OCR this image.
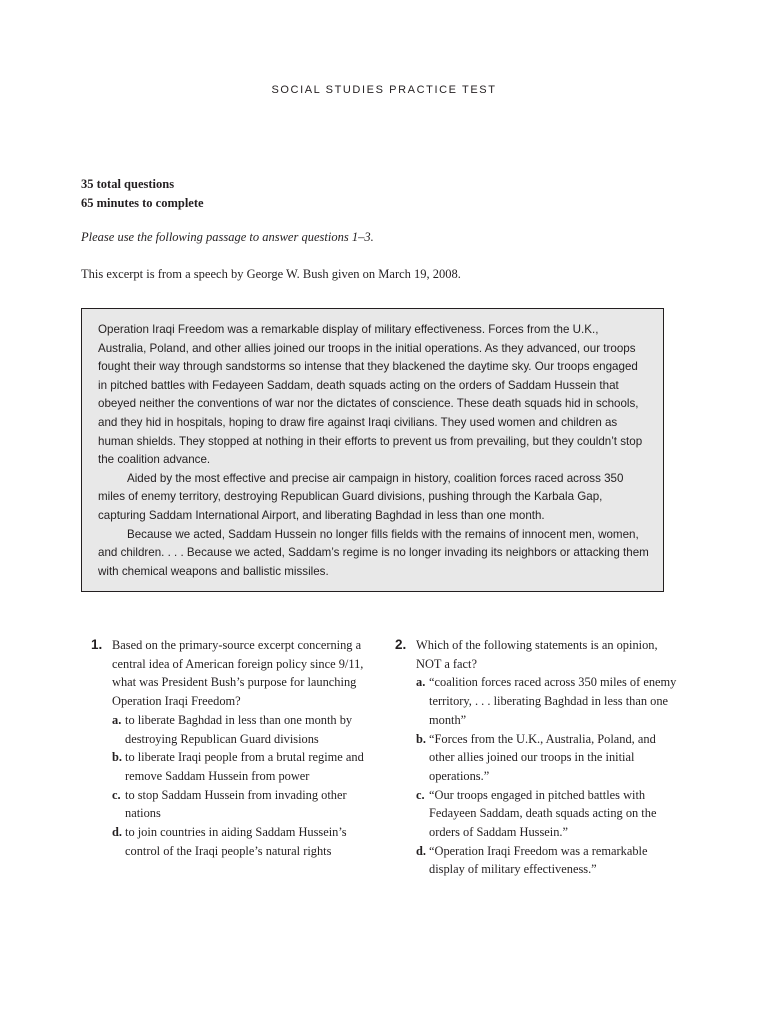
SOCIAL STUDIES PRACTICE TEST
35 total questions
65 minutes to complete
Please use the following passage to answer questions 1–3.
This excerpt is from a speech by George W. Bush given on March 19, 2008.

Operation Iraqi Freedom was a remarkable display of military effectiveness. Forces from the U.K., Australia, Poland, and other allies joined our troops in the initial operations. As they advanced, our troops fought their way through sandstorms so intense that they blackened the daytime sky. Our troops engaged in pitched battles with Fedayeen Saddam, death squads acting on the orders of Saddam Hussein that obeyed neither the conventions of war nor the dictates of conscience. These death squads hid in schools, and they hid in hospitals, hoping to draw fire against Iraqi civilians. They used women and children as human shields. They stopped at nothing in their efforts to prevent us from prevailing, but they couldn’t stop the coalition advance.

Aided by the most effective and precise air campaign in history, coalition forces raced across 350 miles of enemy territory, destroying Republican Guard divisions, pushing through the Karbala Gap, capturing Saddam International Airport, and liberating Baghdad in less than one month.

Because we acted, Saddam Hussein no longer fills fields with the remains of innocent men, women, and children. . . . Because we acted, Saddam’s regime is no longer invading its neighbors or attacking them with chemical weapons and ballistic missiles.

1. Based on the primary-source excerpt concerning a central idea of American foreign policy since 9/11, what was President Bush’s purpose for launching Operation Iraqi Freedom?
a. to liberate Baghdad in less than one month by destroying Republican Guard divisions
b. to liberate Iraqi people from a brutal regime and remove Saddam Hussein from power
c. to stop Saddam Hussein from invading other nations
d. to join countries in aiding Saddam Hussein’s control of the Iraqi people’s natural rights
2. Which of the following statements is an opinion, NOT a fact?
a. “coalition forces raced across 350 miles of enemy territory, . . . liberating Baghdad in less than one month”
b. “Forces from the U.K., Australia, Poland, and other allies joined our troops in the initial operations.”
c. “Our troops engaged in pitched battles with Fedayeen Saddam, death squads acting on the orders of Saddam Hussein.”
d. “Operation Iraqi Freedom was a remarkable display of military effectiveness.”
